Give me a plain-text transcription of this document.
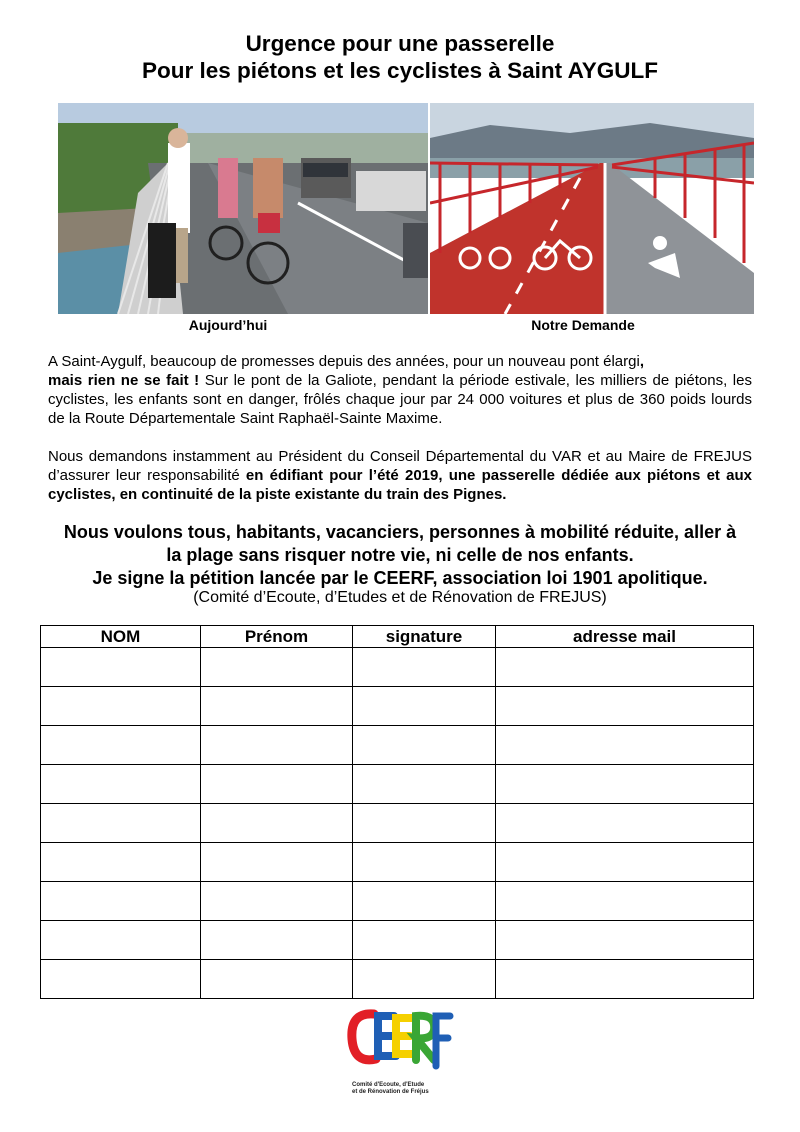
Urgence pour une passerelle
Pour les piétons et les cyclistes à Saint AYGULF
Aujourd’hui	Notre Demande

A Saint-Aygulf, beaucoup de promesses depuis des années, pour un nouveau pont élargi,
mais rien ne se fait ! Sur le pont de la Galiote, pendant la période estivale, les milliers de piétons, les cyclistes, les enfants sont en danger, frôlés chaque jour par 24 000 voitures et plus de 360 poids lourds de la Route Départementale Saint Raphaël-Sainte Maxime.

Nous demandons instamment au Président du Conseil Départemental du VAR et au Maire de FREJUS d’assurer leur responsabilité en édifiant pour l’été 2019, une passerelle dédiée aux piétons et aux cyclistes, en continuité de la piste existante du train des Pignes.

Nous voulons tous, habitants, vacanciers, personnes à mobilité réduite, aller à
la plage sans risquer notre vie, ni celle de nos enfants.
Je signe la pétition lancée par le CEERF, association loi 1901 apolitique.
(Comité d’Ecoute, d’Etudes et de Rénovation de FREJUS)
NOM	Prénom	signature	adresse mail

Comité d'Ecoute, d'Etude
et de Rénovation de Fréjus
